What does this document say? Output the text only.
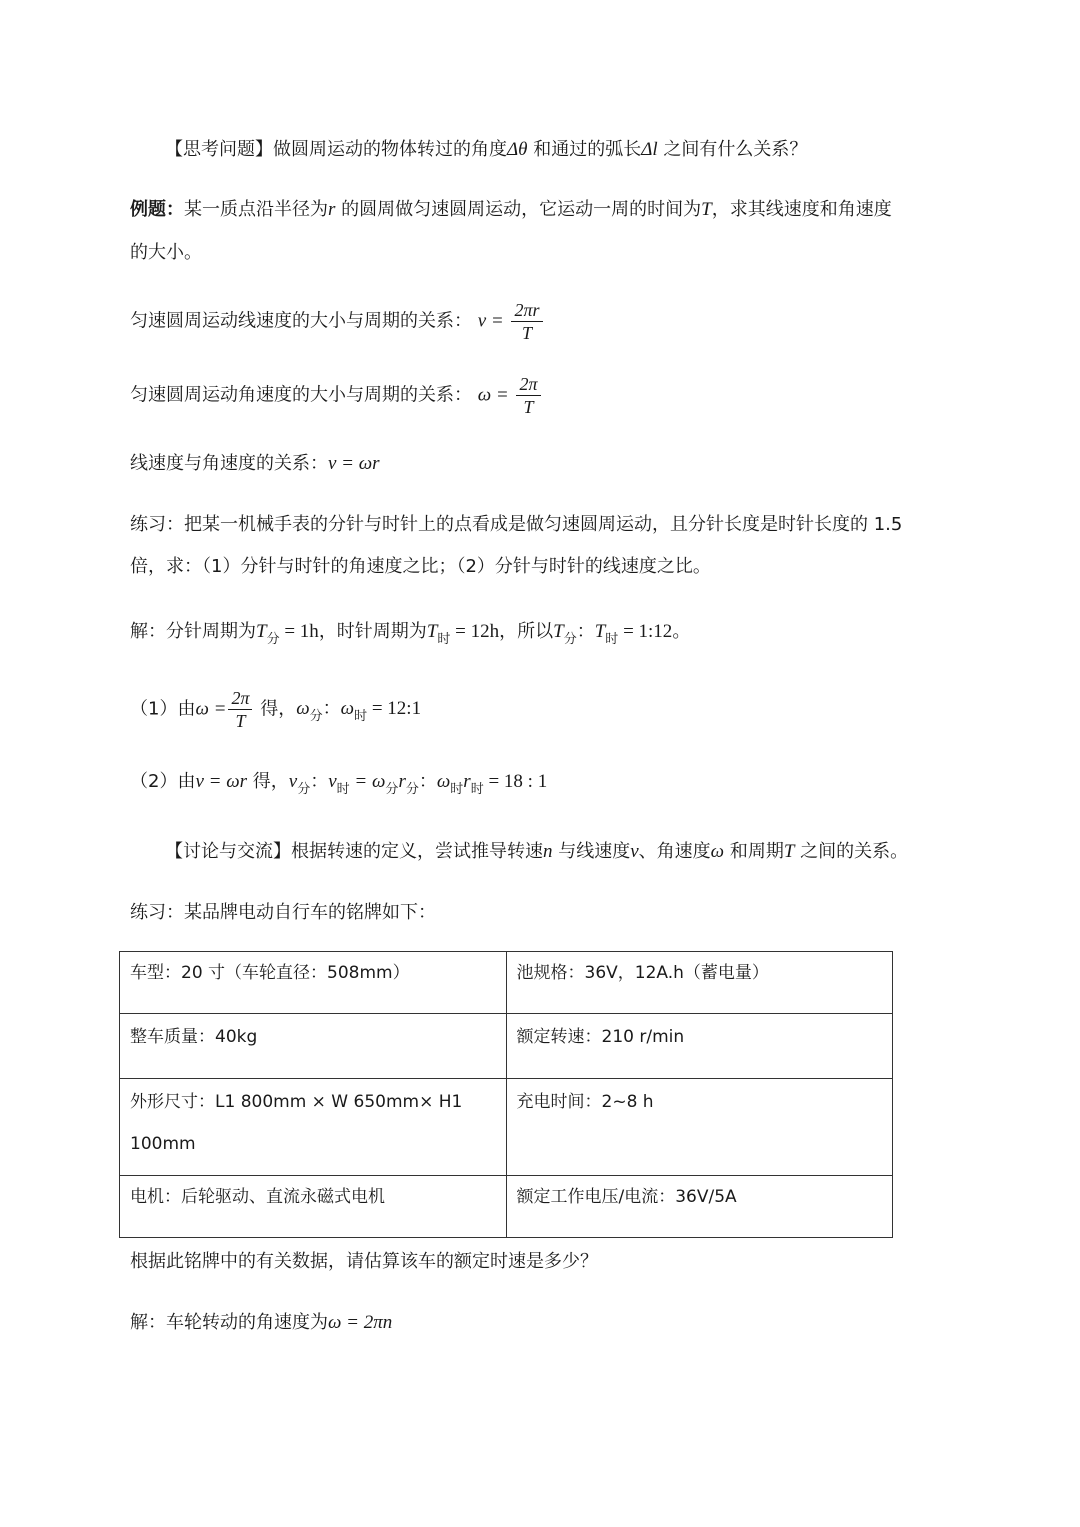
【思考问题】做圆周运动的物体转过的角度Δθ 和通过的弧长Δl 之间有什么关系？
例题：某一质点沿半径为r 的圆周做匀速圆周运动，它运动一周的时间为T，求其线速度和角速度
的大小。
匀速圆周运动线速度的大小与周期的关系： $v = \frac{2\pi r}{T}$
匀速圆周运动角速度的大小与周期的关系： $\omega = \frac{2\pi}{T}$
线速度与角速度的关系：v = ωr
练习：把某一机械手表的分针与时针上的点看成是做匀速圆周运动，且分针长度是时针长度的 1.5
倍，求：（1）分针与时针的角速度之比；（2）分针与时针的线速度之比。
解：分针周期为$T_分 = 1h$，时针周期为$T_时 = 12h$，所以$T_分$：$T_时$ = 1:12。
（1）由$\omega = \frac{2\pi}{T}$ 得，$\omega_分$：$\omega_时$ = 12:1
（2）由v = ωr 得，$v_分$：$v_时 = \omega_分r_分$：$\omega_时r_时 = 18$ : 1
【讨论与交流】根据转速的定义，尝试推导转速n 与线速度v、角速度ω 和周期T 之间的关系。
练习：某品牌电动自行车的铭牌如下：
车型：20 寸（车轮直径：508mm）	池规格：36V，12A.h（蓄电量）
整车质量：40kg	额定转速：210 r/min
外形尺寸：L1 800mm × W 650mm× H1 100mm	充电时间：2~8 h
电机：后轮驱动、直流永磁式电机	额定工作电压/电流：36V/5A
根据此铭牌中的有关数据，请估算该车的额定时速是多少？
解：车轮转动的角速度为ω = 2πn
